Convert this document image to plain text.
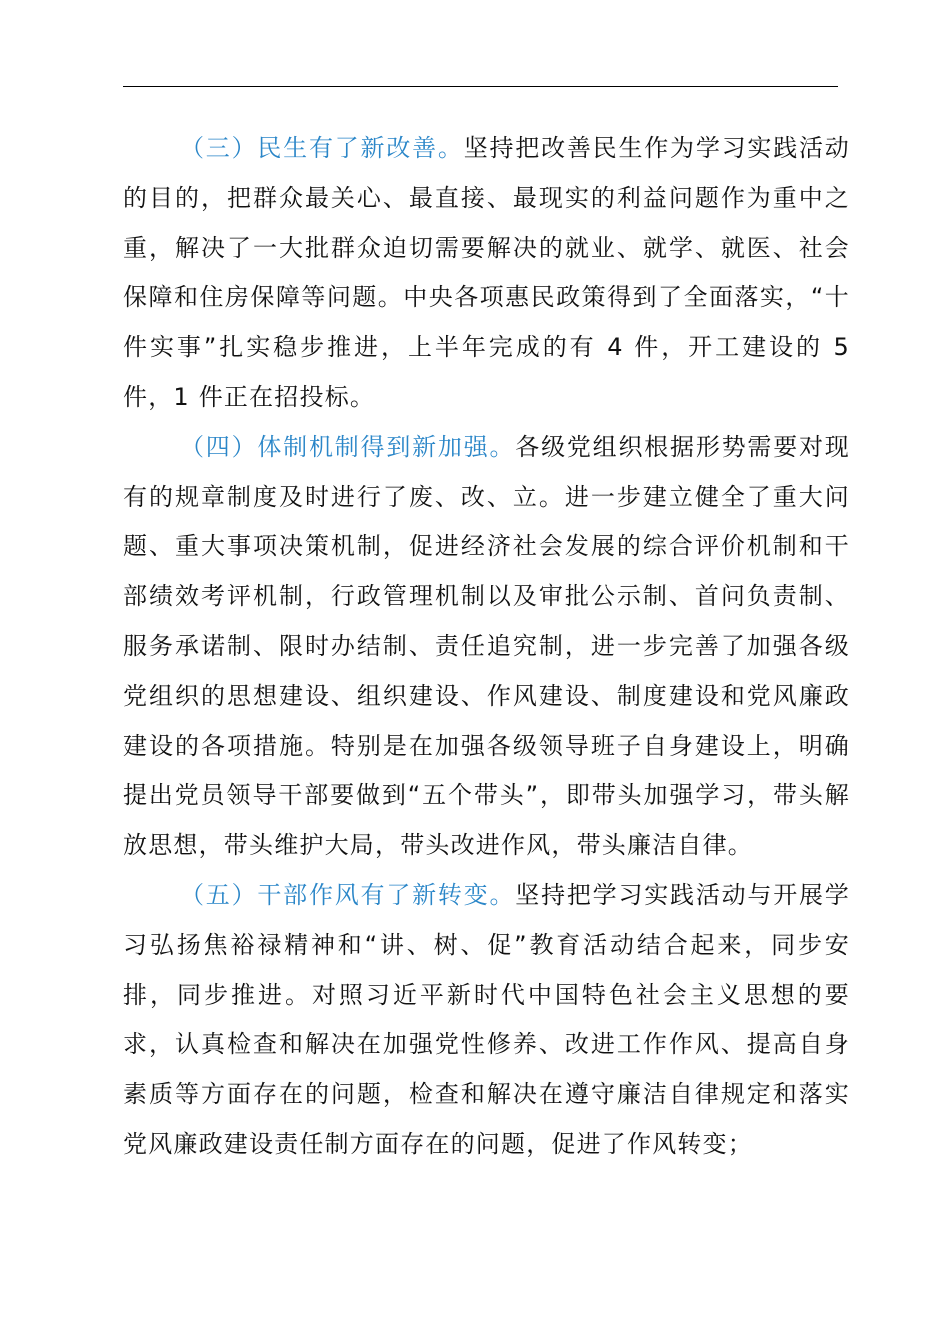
（三）民生有了新改善。坚持把改善民生作为学习实践活动的目的，把群众最关心、最直接、最现实的利益问题作为重中之重，解决了一大批群众迫切需要解决的就业、就学、就医、社会保障和住房保障等问题。中央各项惠民政策得到了全面落实，“十件实事”扎实稳步推进，上半年完成的有 4 件，开工建设的 5 件，1 件正在招投标。

（四）体制机制得到新加强。各级党组织根据形势需要对现有的规章制度及时进行了废、改、立。进一步建立健全了重大问题、重大事项决策机制，促进经济社会发展的综合评价机制和干部绩效考评机制，行政管理机制以及审批公示制、首问负责制、服务承诺制、限时办结制、责任追究制，进一步完善了加强各级党组织的思想建设、组织建设、作风建设、制度建设和党风廉政建设的各项措施。特别是在加强各级领导班子自身建设上，明确提出党员领导干部要做到“五个带头”，即带头加强学习，带头解放思想，带头维护大局，带头改进作风，带头廉洁自律。

（五）干部作风有了新转变。坚持把学习实践活动与开展学习弘扬焦裕禄精神和“讲、树、促”教育活动结合起来，同步安排，同步推进。对照习近平新时代中国特色社会主义思想的要求，认真检查和解决在加强党性修养、改进工作作风、提高自身素质等方面存在的问题，检查和解决在遵守廉洁自律规定和落实党风廉政建设责任制方面存在的问题，促进了作风转变；
